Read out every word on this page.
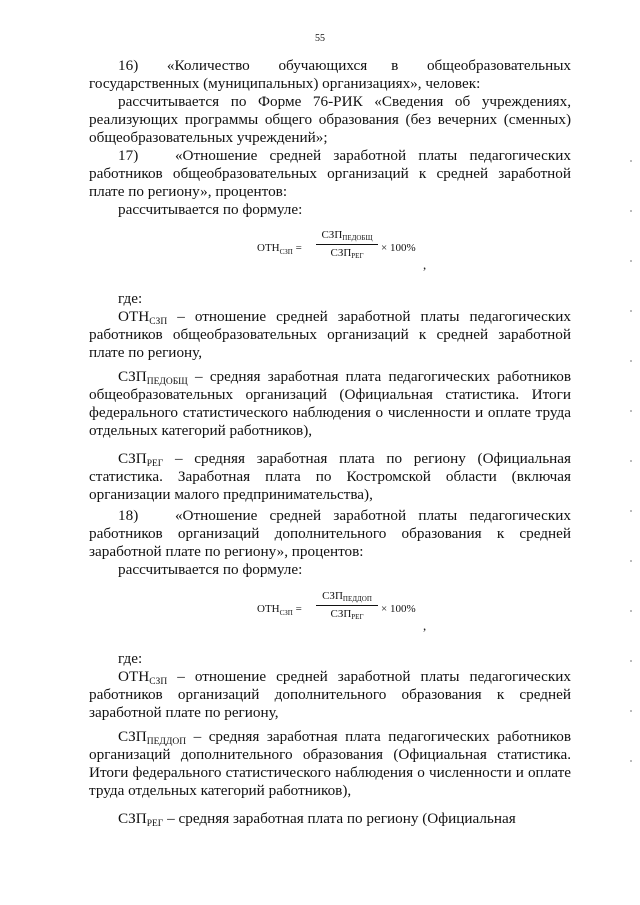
55

16)      «Количество      обучающихся     в      общеобразовательных государственных (муниципальных) организациях», человек:

рассчитывается по Форме 76-РИК «Сведения об учреждениях, реализующих программы общего образования (без вечерних (сменных) общеобразовательных учреждений»;

17)   «Отношение средней заработной платы педагогических работников общеобразовательных организаций к средней заработной плате по региону», процентов:

рассчитывается по формуле:

$ОТН_{СЗП}$ =
$СЗП_{ПЕДОБЩ}$
$СЗП_{РЕГ}$
× 100%
,

где:

$ОТН_{СЗП}$ – отношение средней заработной платы педагогических работников общеобразовательных организаций к средней заработной плате по региону,

$СЗП_{ПЕДОБЩ}$ – средняя заработная плата педагогических работников общеобразовательных организаций (Официальная статистика. Итоги федерального статистического наблюдения о численности и оплате труда отдельных категорий работников),

$СЗП_{РЕГ}$ – средняя заработная плата по региону (Официальная статистика. Заработная плата по Костромской области (включая организации малого предпринимательства),

18)   «Отношение средней заработной платы педагогических работников организаций дополнительного образования к средней заработной плате по региону», процентов:

рассчитывается по формуле:

$ОТН_{СЗП}$ =
$СЗП_{ПЕДДОП}$
$СЗП_{РЕГ}$
× 100%
,

где:

$ОТН_{СЗП}$ – отношение средней заработной платы педагогических работников организаций дополнительного образования к средней заработной плате по региону,

$СЗП_{ПЕДДОП}$ – средняя заработная плата педагогических работников организаций дополнительного образования (Официальная статистика. Итоги федерального статистического наблюдения о численности и оплате труда отдельных категорий работников),

$СЗП_{РЕГ}$ – средняя заработная плата по региону (Официальная
